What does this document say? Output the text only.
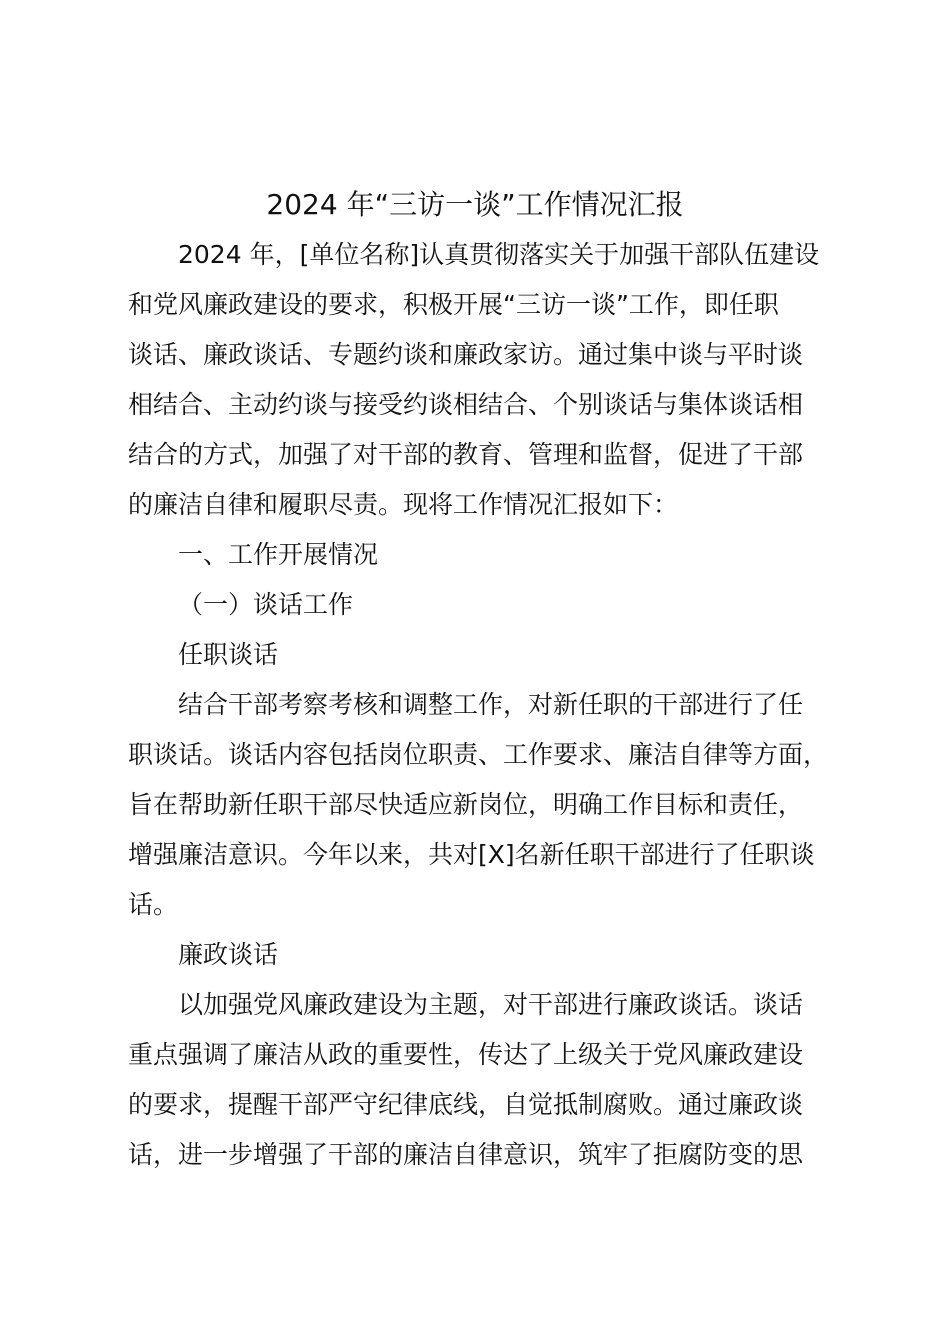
2024 年“三访一谈”工作情况汇报
2024 年，[单位名称]认真贯彻落实关于加强干部队伍建设
和党风廉政建设的要求，积极开展“三访一谈”工作，即任职
谈话、廉政谈话、专题约谈和廉政家访。通过集中谈与平时谈
相结合、主动约谈与接受约谈相结合、个别谈话与集体谈话相
结合的方式，加强了对干部的教育、管理和监督，促进了干部
的廉洁自律和履职尽责。现将工作情况汇报如下：
一、工作开展情况
（一）谈话工作
任职谈话
结合干部考察考核和调整工作，对新任职的干部进行了任
职谈话。谈话内容包括岗位职责、工作要求、廉洁自律等方面，
旨在帮助新任职干部尽快适应新岗位，明确工作目标和责任，
增强廉洁意识。今年以来，共对[X]名新任职干部进行了任职谈
话。
廉政谈话
以加强党风廉政建设为主题，对干部进行廉政谈话。谈话
重点强调了廉洁从政的重要性，传达了上级关于党风廉政建设
的要求，提醒干部严守纪律底线，自觉抵制腐败。通过廉政谈
话，进一步增强了干部的廉洁自律意识，筑牢了拒腐防变的思
